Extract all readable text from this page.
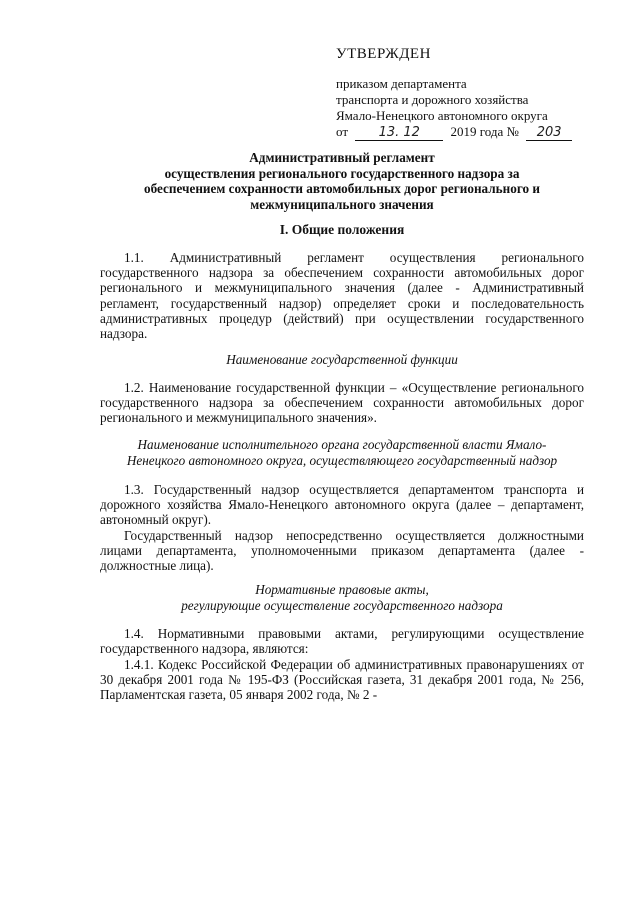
УТВЕРЖДЕН
приказом департамента
транспорта и дорожного хозяйства
Ямало-Ненецкого автономного округа
от 13. 12 2019 года № 203
Административный регламент
осуществления регионального государственного надзора за
обеспечением сохранности автомобильных дорог регионального и
межмуниципального значения
I. Общие положения
1.1. Административный регламент осуществления регионального государственного надзора за обеспечением сохранности автомобильных дорог регионального и межмуниципального значения (далее - Административный регламент, государственный надзор) определяет сроки и последовательность административных процедур (действий) при осуществлении государственного надзора.
Наименование государственной функции
1.2. Наименование государственной функции – «Осуществление регионального государственного надзора за обеспечением сохранности автомобильных дорог регионального и межмуниципального значения».
Наименование исполнительного органа государственной власти Ямало-
Ненецкого автономного округа, осуществляющего государственный надзор
1.3. Государственный надзор осуществляется департаментом транспорта и дорожного хозяйства Ямало-Ненецкого автономного округа (далее – департамент, автономный округ).
Государственный надзор непосредственно осуществляется должностными лицами департамента, уполномоченными приказом департамента (далее - должностные лица).
Нормативные правовые акты,
регулирующие осуществление государственного надзора
1.4. Нормативными правовыми актами, регулирующими осуществление государственного надзора, являются:
1.4.1. Кодекс Российской Федерации об административных правонарушениях от 30 декабря 2001 года № 195-ФЗ (Российская газета, 31 декабря 2001 года, № 256, Парламентская газета, 05 января 2002 года, № 2 -
